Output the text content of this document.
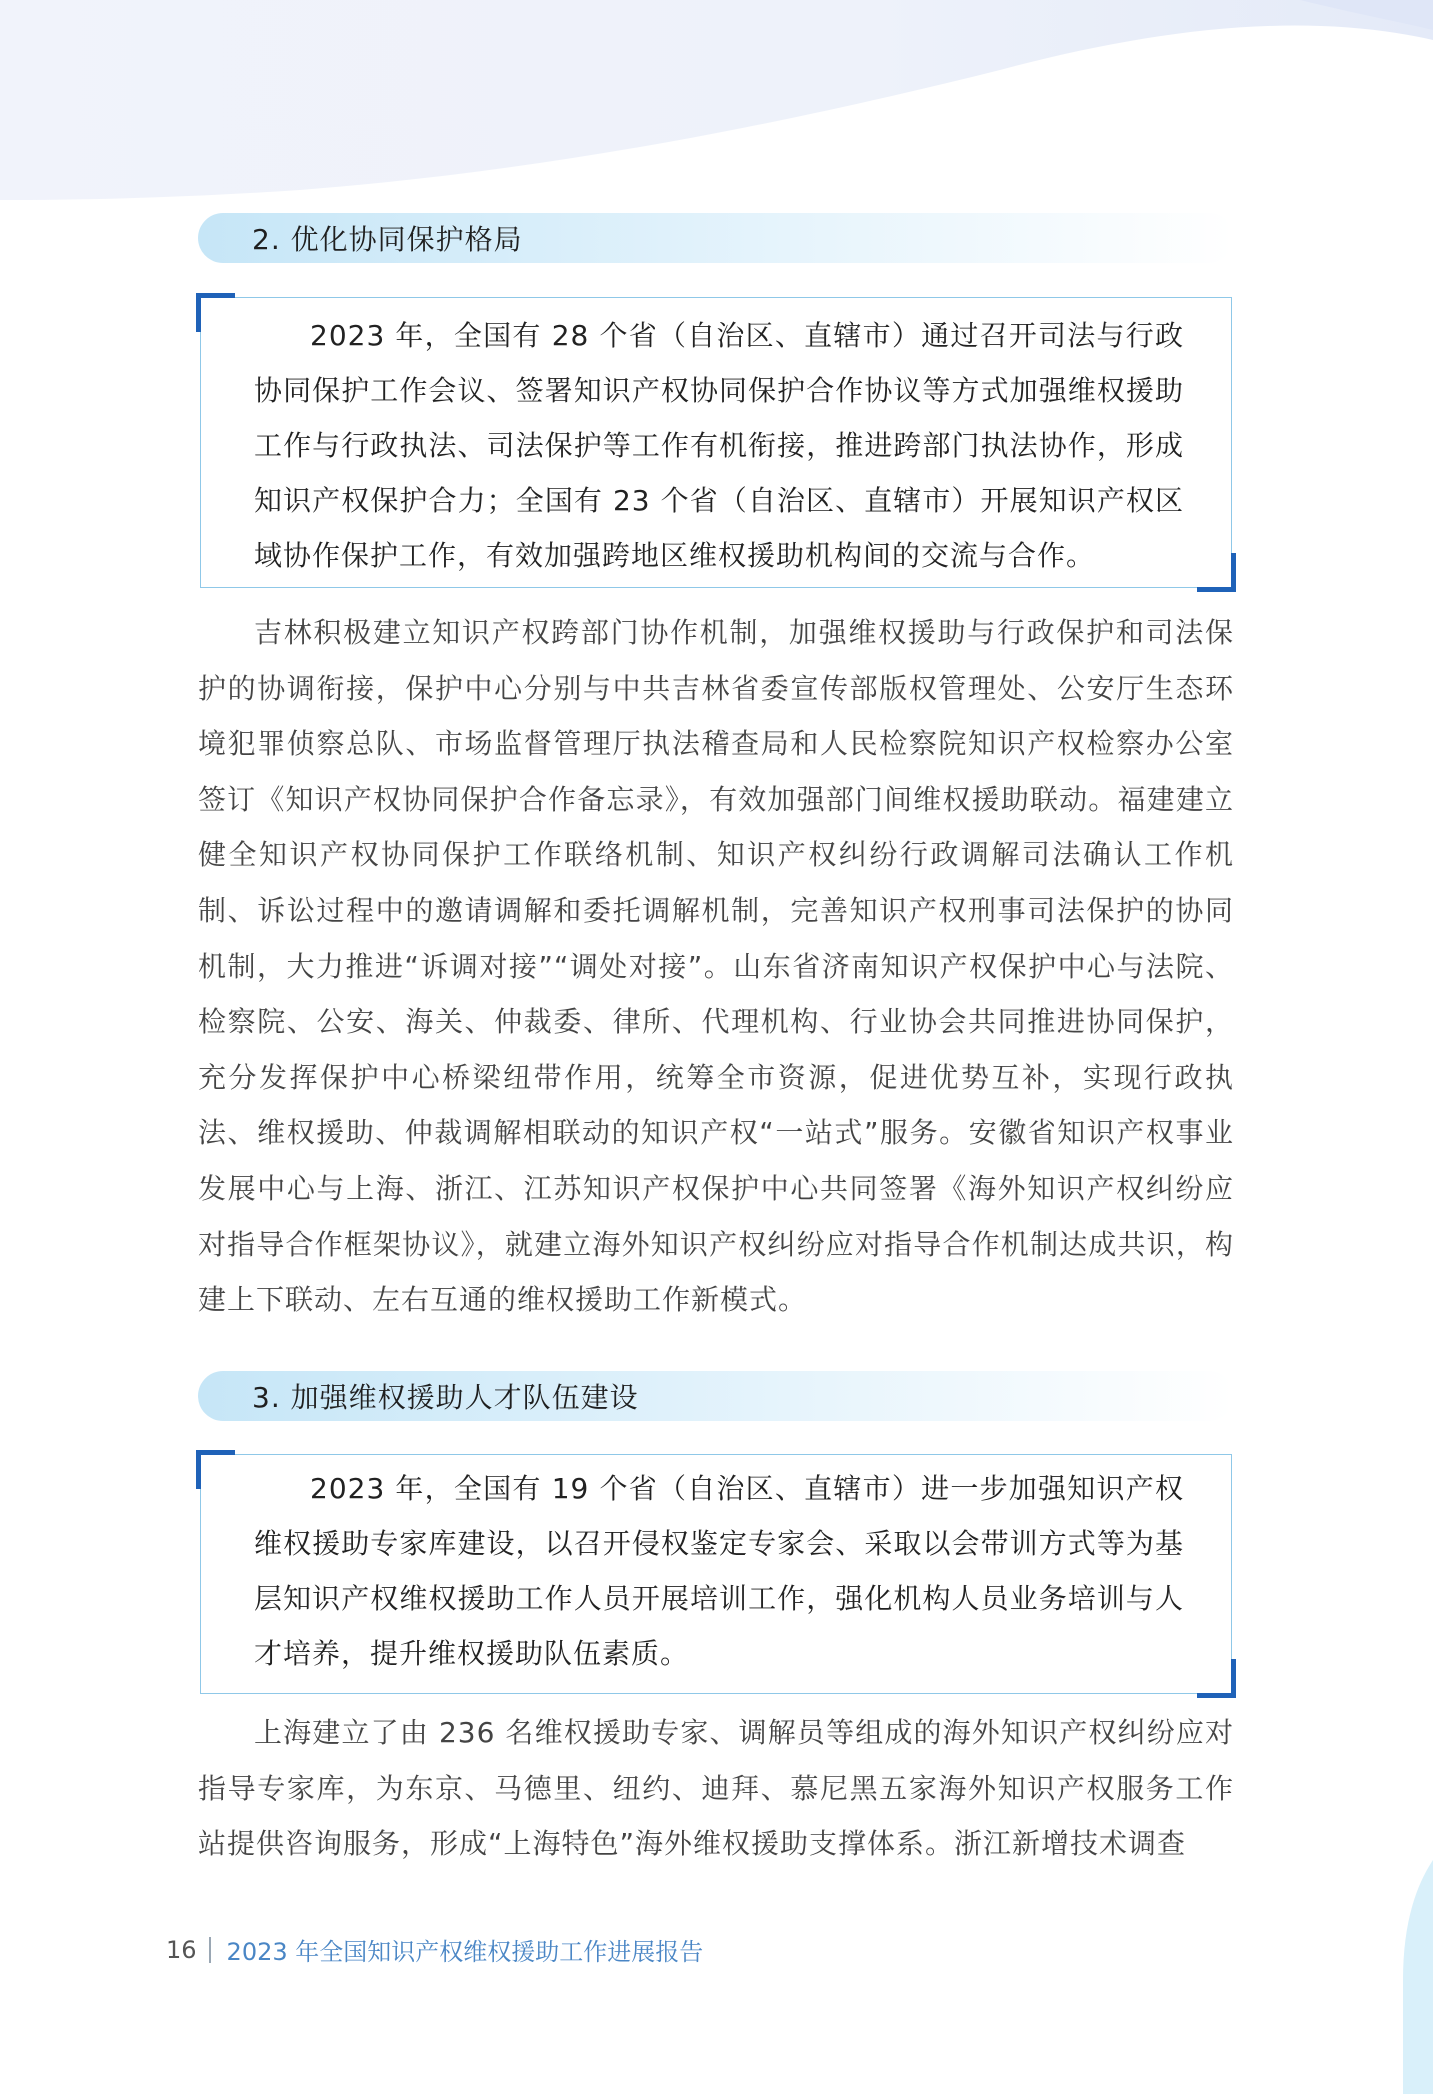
2. 优化协同保护格局

2023 年，全国有 28 个省（自治区、直辖市）通过召开司法与行政协同保护工作会议、签署知识产权协同保护合作协议等方式加强维权援助工作与行政执法、司法保护等工作有机衔接，推进跨部门执法协作，形成知识产权保护合力；全国有 23 个省（自治区、直辖市）开展知识产权区域协作保护工作，有效加强跨地区维权援助机构间的交流与合作。

吉林积极建立知识产权跨部门协作机制，加强维权援助与行政保护和司法保护的协调衔接，保护中心分别与中共吉林省委宣传部版权管理处、公安厅生态环境犯罪侦察总队、市场监督管理厅执法稽查局和人民检察院知识产权检察办公室签订《知识产权协同保护合作备忘录》，有效加强部门间维权援助联动。福建建立健全知识产权协同保护工作联络机制、知识产权纠纷行政调解司法确认工作机制、诉讼过程中的邀请调解和委托调解机制，完善知识产权刑事司法保护的协同机制，大力推进“诉调对接”“调处对接”。山东省济南知识产权保护中心与法院、检察院、公安、海关、仲裁委、律所、代理机构、行业协会共同推进协同保护，充分发挥保护中心桥梁纽带作用，统筹全市资源，促进优势互补，实现行政执法、维权援助、仲裁调解相联动的知识产权“一站式”服务。安徽省知识产权事业发展中心与上海、浙江、江苏知识产权保护中心共同签署《海外知识产权纠纷应对指导合作框架协议》，就建立海外知识产权纠纷应对指导合作机制达成共识，构建上下联动、左右互通的维权援助工作新模式。

3. 加强维权援助人才队伍建设

2023 年，全国有 19 个省（自治区、直辖市）进一步加强知识产权维权援助专家库建设，以召开侵权鉴定专家会、采取以会带训方式等为基层知识产权维权援助工作人员开展培训工作，强化机构人员业务培训与人才培养，提升维权援助队伍素质。

上海建立了由 236 名维权援助专家、调解员等组成的海外知识产权纠纷应对指导专家库，为东京、马德里、纽约、迪拜、慕尼黑五家海外知识产权服务工作站提供咨询服务，形成“上海特色”海外维权援助支撑体系。浙江新增技术调查

16 2023 年全国知识产权维权援助工作进展报告
